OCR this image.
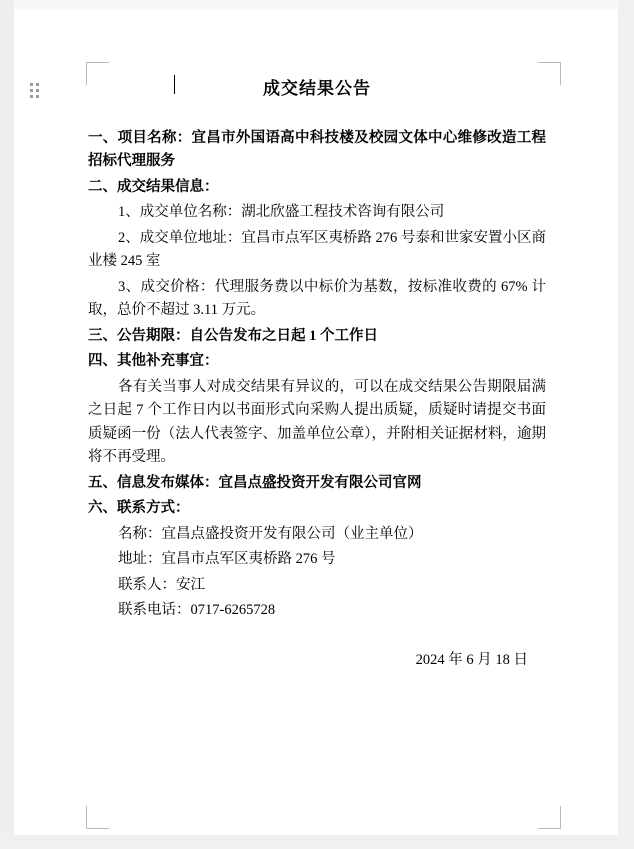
成交结果公告

一、项目名称：宜昌市外国语高中科技楼及校园文体中心维修改造工程招标代理服务

二、成交结果信息：

1、成交单位名称：湖北欣盛工程技术咨询有限公司

2、成交单位地址：宜昌市点军区夷桥路 276 号泰和世家安置小区商业楼 245 室

3、成交价格：代理服务费以中标价为基数，按标准收费的 67% 计取，总价不超过 3.11 万元。

三、公告期限：自公告发布之日起 1 个工作日

四、其他补充事宜：

各有关当事人对成交结果有异议的，可以在成交结果公告期限届满之日起 7 个工作日内以书面形式向采购人提出质疑，质疑时请提交书面质疑函一份（法人代表签字、加盖单位公章），并附相关证据材料，逾期将不再受理。

五、信息发布媒体：宜昌点盛投资开发有限公司官网

六、联系方式：

名称：宜昌点盛投资开发有限公司（业主单位）

地址：宜昌市点军区夷桥路 276 号

联系人：安江

联系电话：0717-6265728

2024 年 6 月 18 日
